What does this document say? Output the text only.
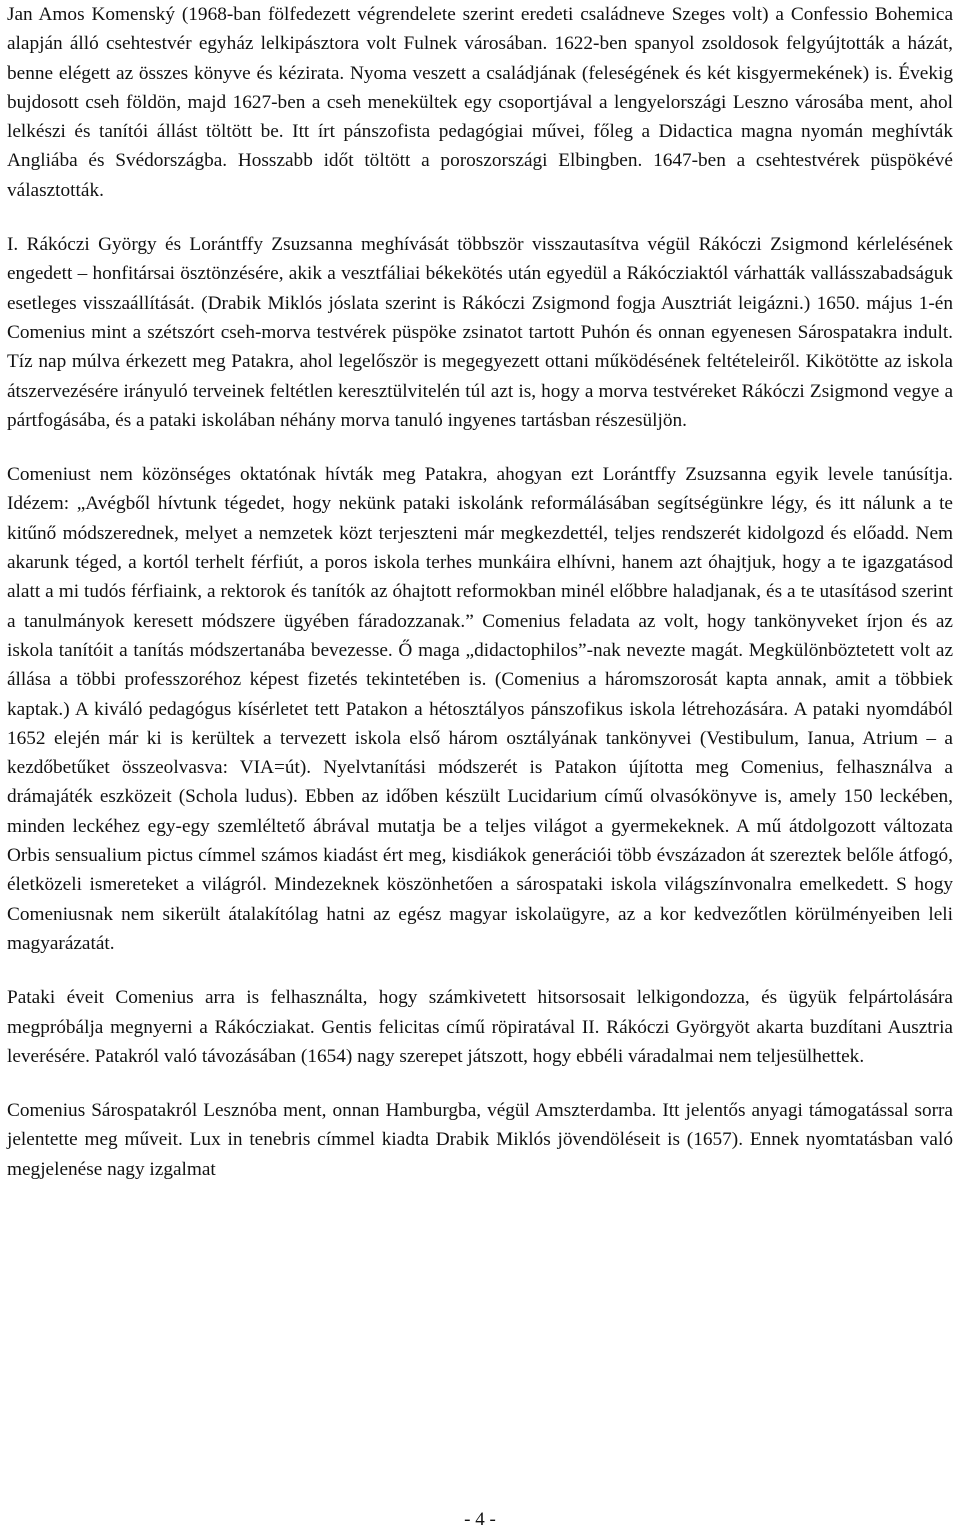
Jan Amos Komenský (1968-ban fölfedezett végrendelete szerint eredeti családneve Szeges volt) a Confessio Bohemica alapján álló csehtestvér egyház lelkipásztora volt Fulnek városában. 1622-ben spanyol zsoldosok felgyújtották a házát, benne elégett az összes könyve és kézirata. Nyoma veszett a családjának (feleségének és két kisgyermekének) is. Évekig bujdosott cseh földön, majd 1627-ben a cseh menekültek egy csoportjával a lengyelországi Leszno városába ment, ahol lelkészi és tanítói állást töltött be. Itt írt pánszofista pedagógiai művei, főleg a Didactica magna nyomán meghívták Angliába és Svédországba. Hosszabb időt töltött a poroszországi Elbingben. 1647-ben a csehtestvérek püspökévé választották.

I. Rákóczi György és Lorántffy Zsuzsanna meghívását többször visszautasítva végül Rákóczi Zsigmond kérlelésének engedett – honfitársai ösztönzésére, akik a vesztfáliai békekötés után egyedül a Rákócziaktól várhatták vallásszabadságuk esetleges visszaállítását. (Drabik Miklós jóslata szerint is Rákóczi Zsigmond fogja Ausztriát leigázni.) 1650. május 1-én Comenius mint a szétszórt cseh-morva testvérek püspöke zsinatot tartott Puhón és onnan egyenesen Sárospatakra indult. Tíz nap múlva érkezett meg Patakra, ahol legelőször is megegyezett ottani működésének feltételeiről. Kikötötte az iskola átszervezésére irányuló terveinek feltétlen keresztülvitelén túl azt is, hogy a morva testvéreket Rákóczi Zsigmond vegye a pártfogásába, és a pataki iskolában néhány morva tanuló ingyenes tartásban részesüljön.

Comeniust nem közönséges oktatónak hívták meg Patakra, ahogyan ezt Lorántffy Zsuzsanna egyik levele tanúsítja. Idézem: „Avégből hívtunk tégedet, hogy nekünk pataki iskolánk reformálásában segítségünkre légy, és itt nálunk a te kitűnő módszerednek, melyet a nemzetek közt terjeszteni már megkezdettél, teljes rendszerét kidolgozd és előadd. Nem akarunk téged, a kortól terhelt férfiút, a poros iskola terhes munkáira elhívni, hanem azt óhajtjuk, hogy a te igazgatásod alatt a mi tudós férfiaink, a rektorok és tanítók az óhajtott reformokban minél előbbre haladjanak, és a te utasításod szerint a tanulmányok keresett módszere ügyében fáradozzanak.” Comenius feladata az volt, hogy tankönyveket írjon és az iskola tanítóit a tanítás módszertanába bevezesse. Ő maga „didactophilos”-nak nevezte magát. Megkülönböztetett volt az állása a többi professzoréhoz képest fizetés tekintetében is. (Comenius a háromszorosát kapta annak, amit a többiek kaptak.) A kiváló pedagógus kísérletet tett Patakon a hétosztályos pánszofikus iskola létrehozására. A pataki nyomdából 1652 elején már ki is kerültek a tervezett iskola első három osztályának tankönyvei (Vestibulum, Ianua, Atrium – a kezdőbetűket összeolvasva: VIA=út). Nyelvtanítási módszerét is Patakon újította meg Comenius, felhasználva a drámajáték eszközeit (Schola ludus). Ebben az időben készült Lucidarium című olvasókönyve is, amely 150 leckében, minden leckéhez egy-egy szemléltető ábrával mutatja be a teljes világot a gyermekeknek. A mű átdolgozott változata Orbis sensualium pictus címmel számos kiadást ért meg, kisdiákok generációi több évszázadon át szereztek belőle átfogó, életközeli ismereteket a világról. Mindezeknek köszönhetően a sárospataki iskola világszínvonalra emelkedett. S hogy Comeniusnak nem sikerült átalakítólag hatni az egész magyar iskolaügyre, az a kor kedvezőtlen körülményeiben leli magyarázatát.

Pataki éveit Comenius arra is felhasználta, hogy számkivetett hitsorsosait lelkigondozza, és ügyük felpártolására megpróbálja megnyerni a Rákócziakat. Gentis felicitas című röpiratával II. Rákóczi Györgyöt akarta buzdítani Ausztria leverésére. Patakról való távozásában (1654) nagy szerepet játszott, hogy ebbéli váradalmai nem teljesülhettek.

Comenius Sárospatakról Lesznóba ment, onnan Hamburgba, végül Amszterdamba. Itt jelentős anyagi támogatással sorra jelentette meg műveit. Lux in tenebris címmel kiadta Drabik Miklós jövendöléseit is (1657). Ennek nyomtatásban való megjelenése nagy izgalmat

- 4 -
